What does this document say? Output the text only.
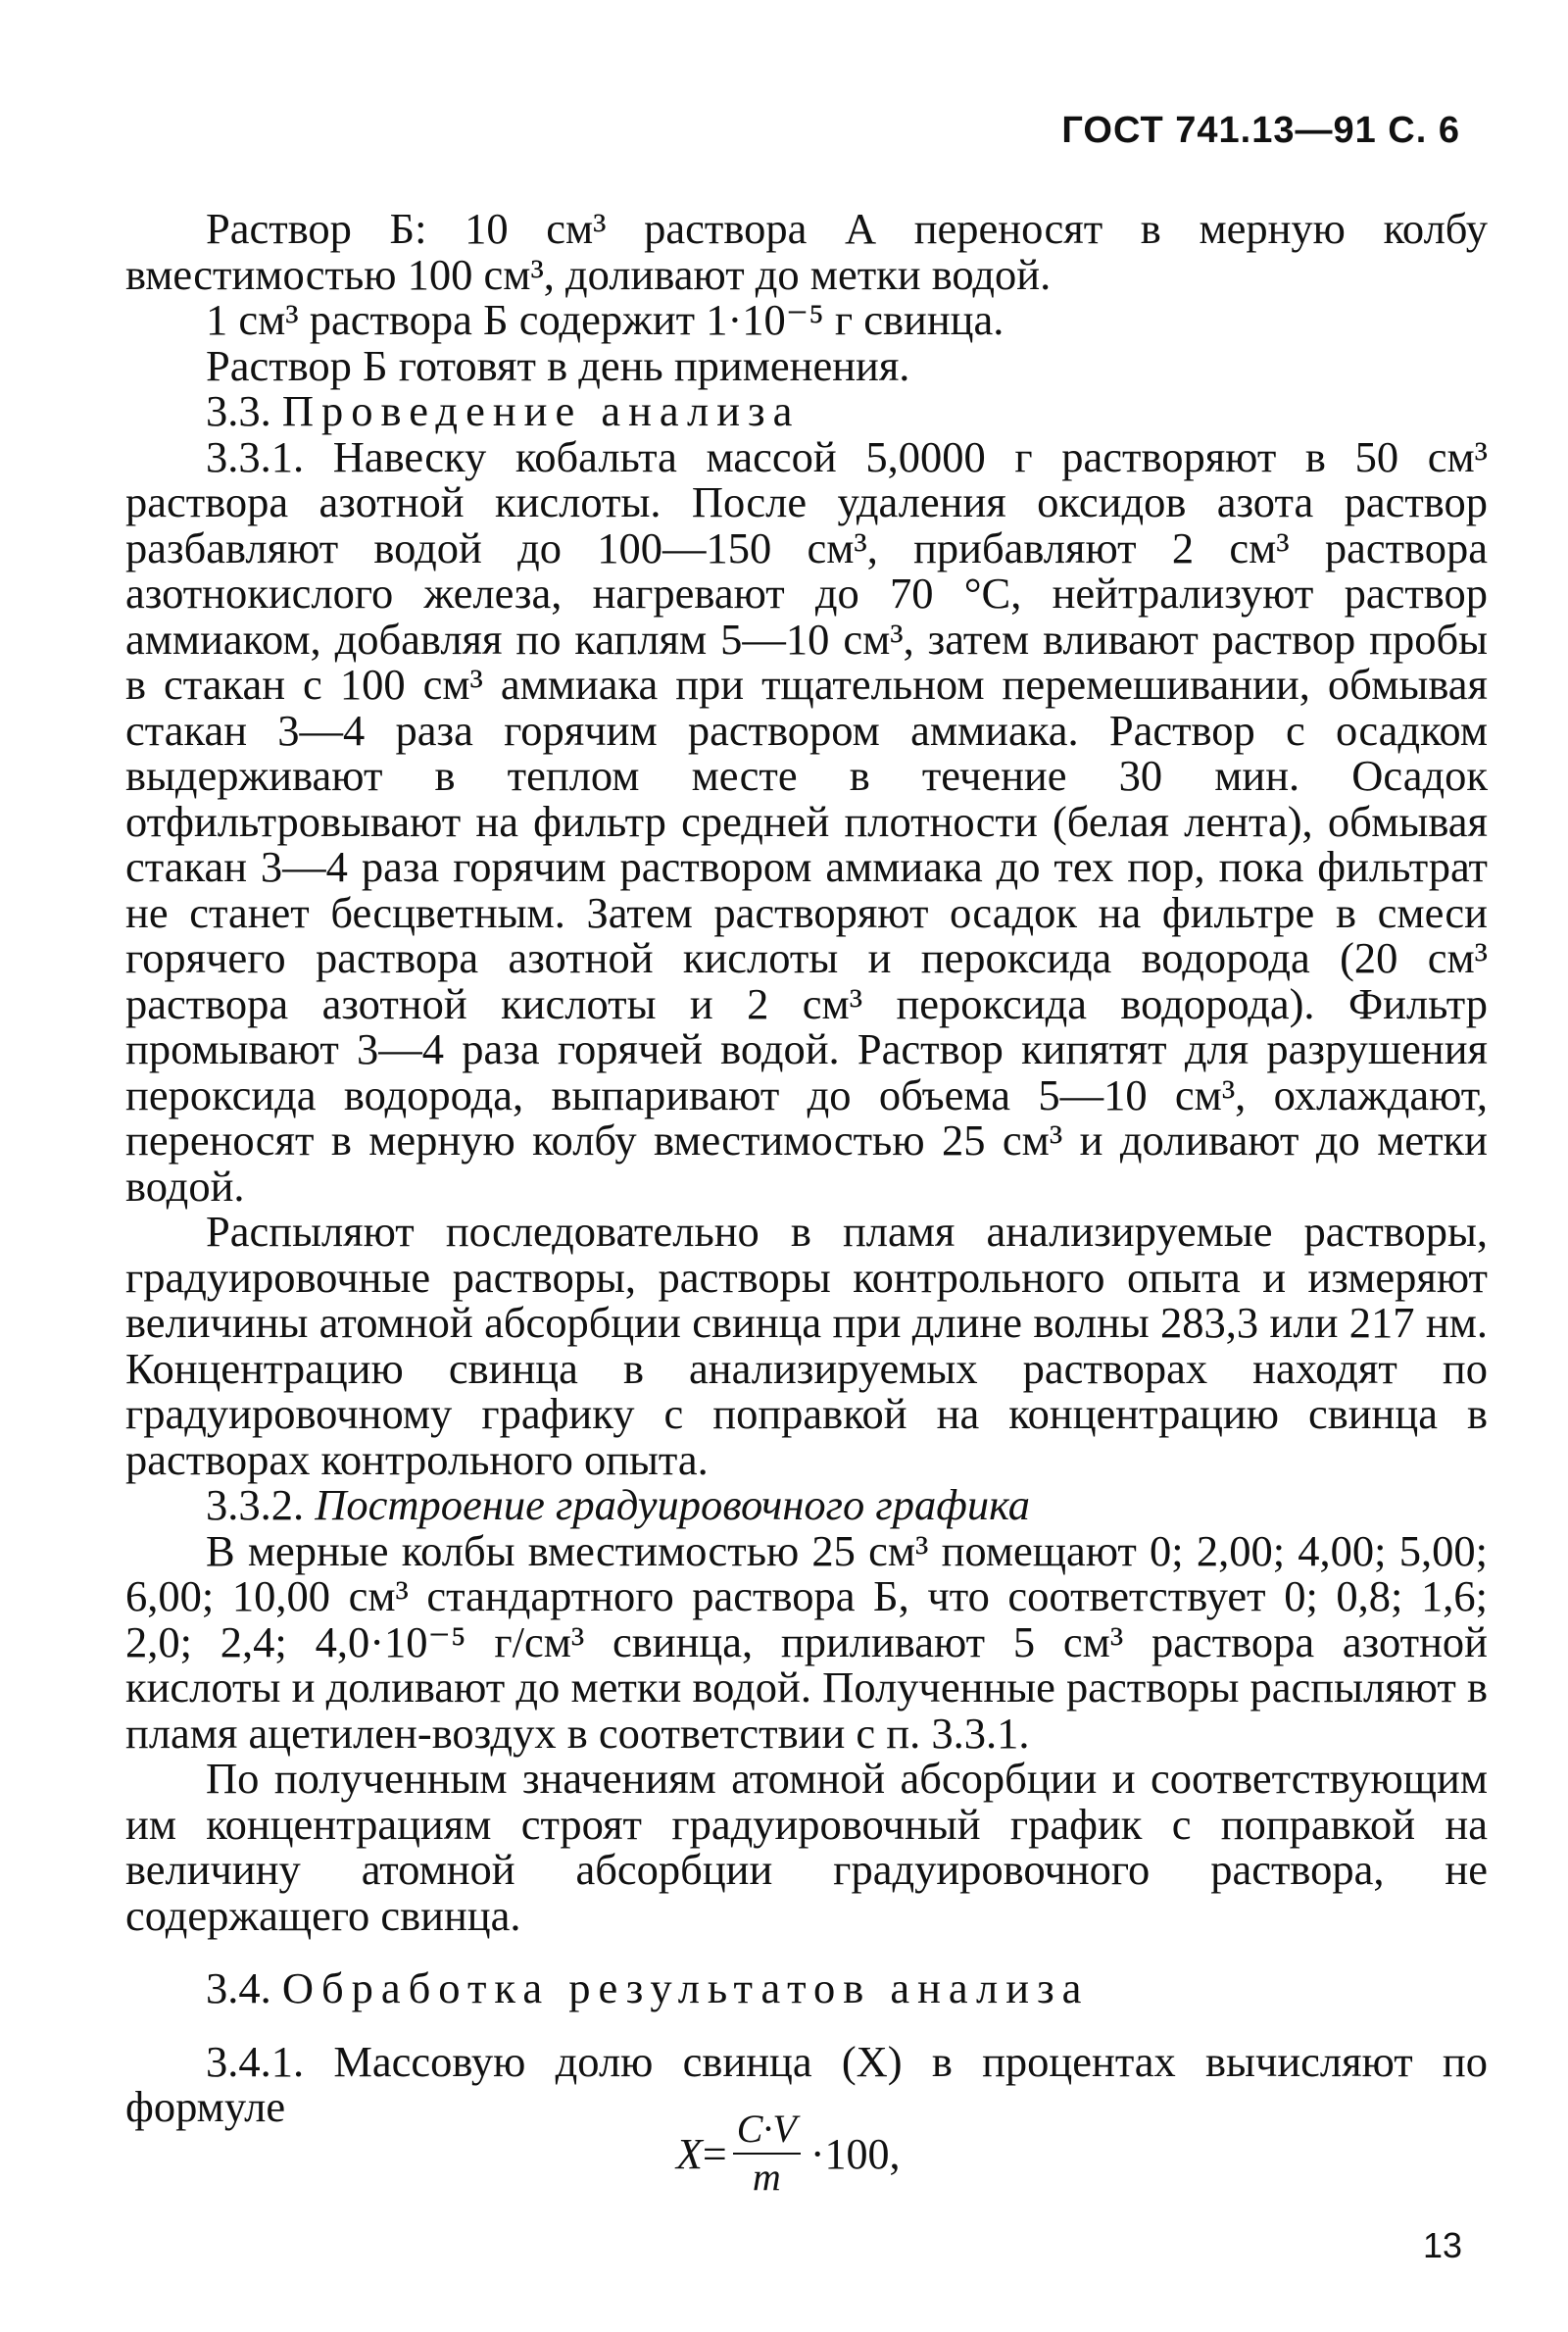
ГОСТ 741.13—91 С. 6

Раствор Б: 10 см³ раствора А переносят в мерную колбу вместимостью 100 см³, доливают до метки водой.

1 см³ раствора Б содержит 1·10⁻⁵ г свинца.

Раствор Б готовят в день применения.

3.3. Проведение анализа

3.3.1. Навеску кобальта массой 5,0000 г растворяют в 50 см³ раствора азотной кислоты. После удаления оксидов азота раствор разбавляют водой до 100—150 см³, прибавляют 2 см³ раствора азотнокислого железа, нагревают до 70 °С, нейтрализуют раствор аммиаком, добавляя по каплям 5—10 см³, затем вливают раствор пробы в стакан с 100 см³ аммиака при тщательном перемешивании, обмывая стакан 3—4 раза горячим раствором аммиака. Раствор с осадком выдерживают в теплом месте в течение 30 мин. Осадок отфильтровывают на фильтр средней плотности (белая лента), обмывая стакан 3—4 раза горячим раствором аммиака до тех пор, пока фильтрат не станет бесцветным. Затем растворяют осадок на фильтре в смеси горячего раствора азотной кислоты и пероксида водорода (20 см³ раствора азотной кислоты и 2 см³ пероксида водорода). Фильтр промывают 3—4 раза горячей водой. Раствор кипятят для разрушения пероксида водорода, выпаривают до объема 5—10 см³, охлаждают, переносят в мерную колбу вместимостью 25 см³ и доливают до метки водой.

Распыляют последовательно в пламя анализируемые растворы, градуировочные растворы, растворы контрольного опыта и измеряют величины атомной абсорбции свинца при длине волны 283,3 или 217 нм. Концентрацию свинца в анализируемых растворах находят по градуировочному графику с поправкой на концентрацию свинца в растворах контрольного опыта.

3.3.2. Построение градуировочного графика

В мерные колбы вместимостью 25 см³ помещают 0; 2,00; 4,00; 5,00; 6,00; 10,00 см³ стандартного раствора Б, что соответствует 0; 0,8; 1,6; 2,0; 2,4; 4,0·10⁻⁵ г/см³ свинца, приливают 5 см³ раствора азотной кислоты и доливают до метки водой. Полученные растворы распыляют в пламя ацетилен-воздух в соответствии с п. 3.3.1.

По полученным значениям атомной абсорбции и соответствующим им концентрациям строят градуировочный график с поправкой на величину атомной абсорбции градуировочного раствора, не содержащего свинца.

3.4. Обработка результатов анализа

3.4.1. Массовую долю свинца (X) в процентах вычисляют по формуле

$X = \frac{C\cdot V}{m} \cdot 100$,
13
